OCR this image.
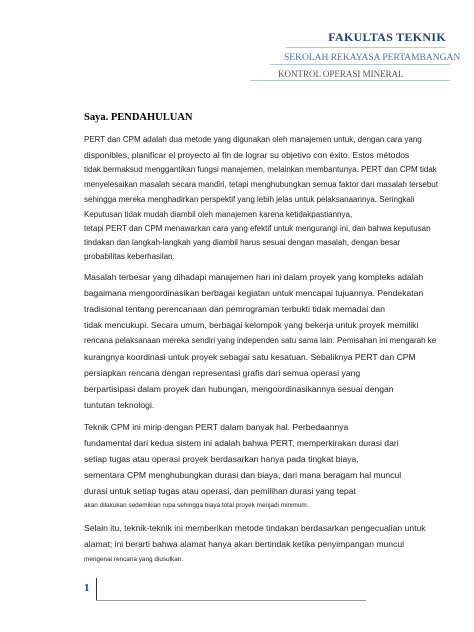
FAKULTAS TEKNIK
SEKOLAH REKAYASA PERTAMBANGAN
KONTROL OPERASI MINERAL
Saya. PENDAHULUAN
PERT dan CPM adalah dua metode yang digunakan oleh manajemen untuk, dengan cara yang
disponibles, planificar el proyecto al fin de lograr su objetivo con éxito. Estos métodos
tidak bermaksud menggantikan fungsi manajemen, melainkan membantunya. PERT dan CPM tidak
menyelesaikan masalah secara mandiri, tetapi menghubungkan semua faktor dari masalah tersebut
sehingga mereka menghadirkan perspektif yang lebih jelas untuk pelaksanaannya. Seringkali
Keputusan tidak mudah diambil oleh manajemen karena ketidakpastiannya,
tetapi PERT dan CPM menawarkan cara yang efektif untuk mengurangi ini, dan bahwa keputusan
tindakan dan langkah-langkah yang diambil harus sesuai dengan masalah, dengan besar
probabilitas keberhasilan.
Masalah terbesar yang dihadapi manajemen hari ini dalam proyek yang kompleks adalah
bagaimana mengoordinasikan berbagai kegiatan untuk mencapai tujuannya. Pendekatan
tradisional tentang perencanaan dan pemrograman terbukti tidak memadai dan
tidak mencukupi. Secara umum, berbagai kelompok yang bekerja untuk proyek memiliki
rencana pelaksanaan mereka sendiri yang independen satu sama lain. Pemisahan ini mengarah ke
kurangnya koordinasi untuk proyek sebagai satu kesatuan. Sebaliknya PERT dan CPM
persiapkan rencana dengan representasi grafis dari semua operasi yang
berpartisipasi dalam proyek dan hubungan, mengoordinasikannya sesuai dengan
tuntutan teknologi.
Teknik CPM ini mirip dengan PERT dalam banyak hal. Perbedaannya
fundamental dari kedua sistem ini adalah bahwa PERT, memperkirakan durasi dari
setiap tugas atau operasi proyek berdasarkan hanya pada tingkat biaya,
sementara CPM menghubungkan durasi dan biaya, dari mana beragam hal muncul
durasi untuk setiap tugas atau operasi, dan pemilihan durasi yang tepat
akan dilakukan sedemikian rupa sehingga biaya total proyek menjadi minimum.
Selain itu, teknik-teknik ini memberikan metode tindakan berdasarkan pengecualian untuk
alamat; ini berarti bahwa alamat hanya akan bertindak ketika penyimpangan muncul
mengenai rencana yang diusulkan.
1
